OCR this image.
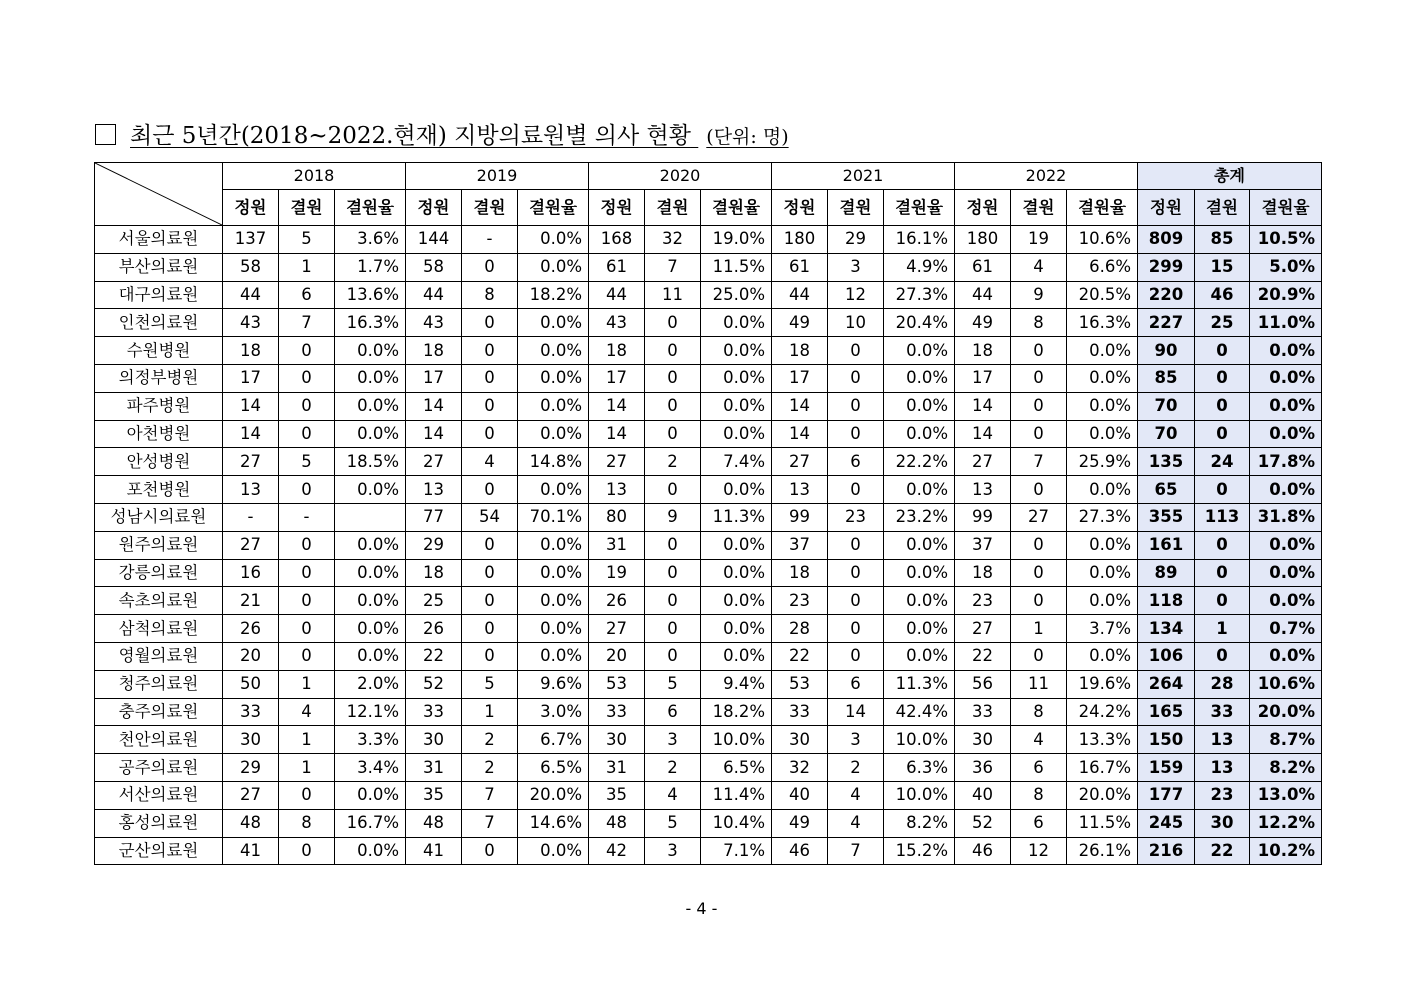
최근 5년간(2018~2022.현재) 지방의료원별 의사 현황 (단위: 명)
	2018			2019			2020			2021			2022			총계		
	정원	결원	결원율	정원	결원	결원율	정원	결원	결원율	정원	결원	결원율	정원	결원	결원율	정원	결원	결원율
서울의료원	137	5	3.6%	144	-	0.0%	168	32	19.0%	180	29	16.1%	180	19	10.6%	809	85	10.5%
부산의료원	58	1	1.7%	58	0	0.0%	61	7	11.5%	61	3	4.9%	61	4	6.6%	299	15	5.0%
대구의료원	44	6	13.6%	44	8	18.2%	44	11	25.0%	44	12	27.3%	44	9	20.5%	220	46	20.9%
인천의료원	43	7	16.3%	43	0	0.0%	43	0	0.0%	49	10	20.4%	49	8	16.3%	227	25	11.0%
수원병원	18	0	0.0%	18	0	0.0%	18	0	0.0%	18	0	0.0%	18	0	0.0%	90	0	0.0%
의정부병원	17	0	0.0%	17	0	0.0%	17	0	0.0%	17	0	0.0%	17	0	0.0%	85	0	0.0%
파주병원	14	0	0.0%	14	0	0.0%	14	0	0.0%	14	0	0.0%	14	0	0.0%	70	0	0.0%
아천병원	14	0	0.0%	14	0	0.0%	14	0	0.0%	14	0	0.0%	14	0	0.0%	70	0	0.0%
안성병원	27	5	18.5%	27	4	14.8%	27	2	7.4%	27	6	22.2%	27	7	25.9%	135	24	17.8%
포천병원	13	0	0.0%	13	0	0.0%	13	0	0.0%	13	0	0.0%	13	0	0.0%	65	0	0.0%
성남시의료원	-	-		77	54	70.1%	80	9	11.3%	99	23	23.2%	99	27	27.3%	355	113	31.8%
원주의료원	27	0	0.0%	29	0	0.0%	31	0	0.0%	37	0	0.0%	37	0	0.0%	161	0	0.0%
강릉의료원	16	0	0.0%	18	0	0.0%	19	0	0.0%	18	0	0.0%	18	0	0.0%	89	0	0.0%
속초의료원	21	0	0.0%	25	0	0.0%	26	0	0.0%	23	0	0.0%	23	0	0.0%	118	0	0.0%
삼척의료원	26	0	0.0%	26	0	0.0%	27	0	0.0%	28	0	0.0%	27	1	3.7%	134	1	0.7%
영월의료원	20	0	0.0%	22	0	0.0%	20	0	0.0%	22	0	0.0%	22	0	0.0%	106	0	0.0%
청주의료원	50	1	2.0%	52	5	9.6%	53	5	9.4%	53	6	11.3%	56	11	19.6%	264	28	10.6%
충주의료원	33	4	12.1%	33	1	3.0%	33	6	18.2%	33	14	42.4%	33	8	24.2%	165	33	20.0%
천안의료원	30	1	3.3%	30	2	6.7%	30	3	10.0%	30	3	10.0%	30	4	13.3%	150	13	8.7%
공주의료원	29	1	3.4%	31	2	6.5%	31	2	6.5%	32	2	6.3%	36	6	16.7%	159	13	8.2%
서산의료원	27	0	0.0%	35	7	20.0%	35	4	11.4%	40	4	10.0%	40	8	20.0%	177	23	13.0%
홍성의료원	48	8	16.7%	48	7	14.6%	48	5	10.4%	49	4	8.2%	52	6	11.5%	245	30	12.2%
군산의료원	41	0	0.0%	41	0	0.0%	42	3	7.1%	46	7	15.2%	46	12	26.1%	216	22	10.2%
- 4 -
